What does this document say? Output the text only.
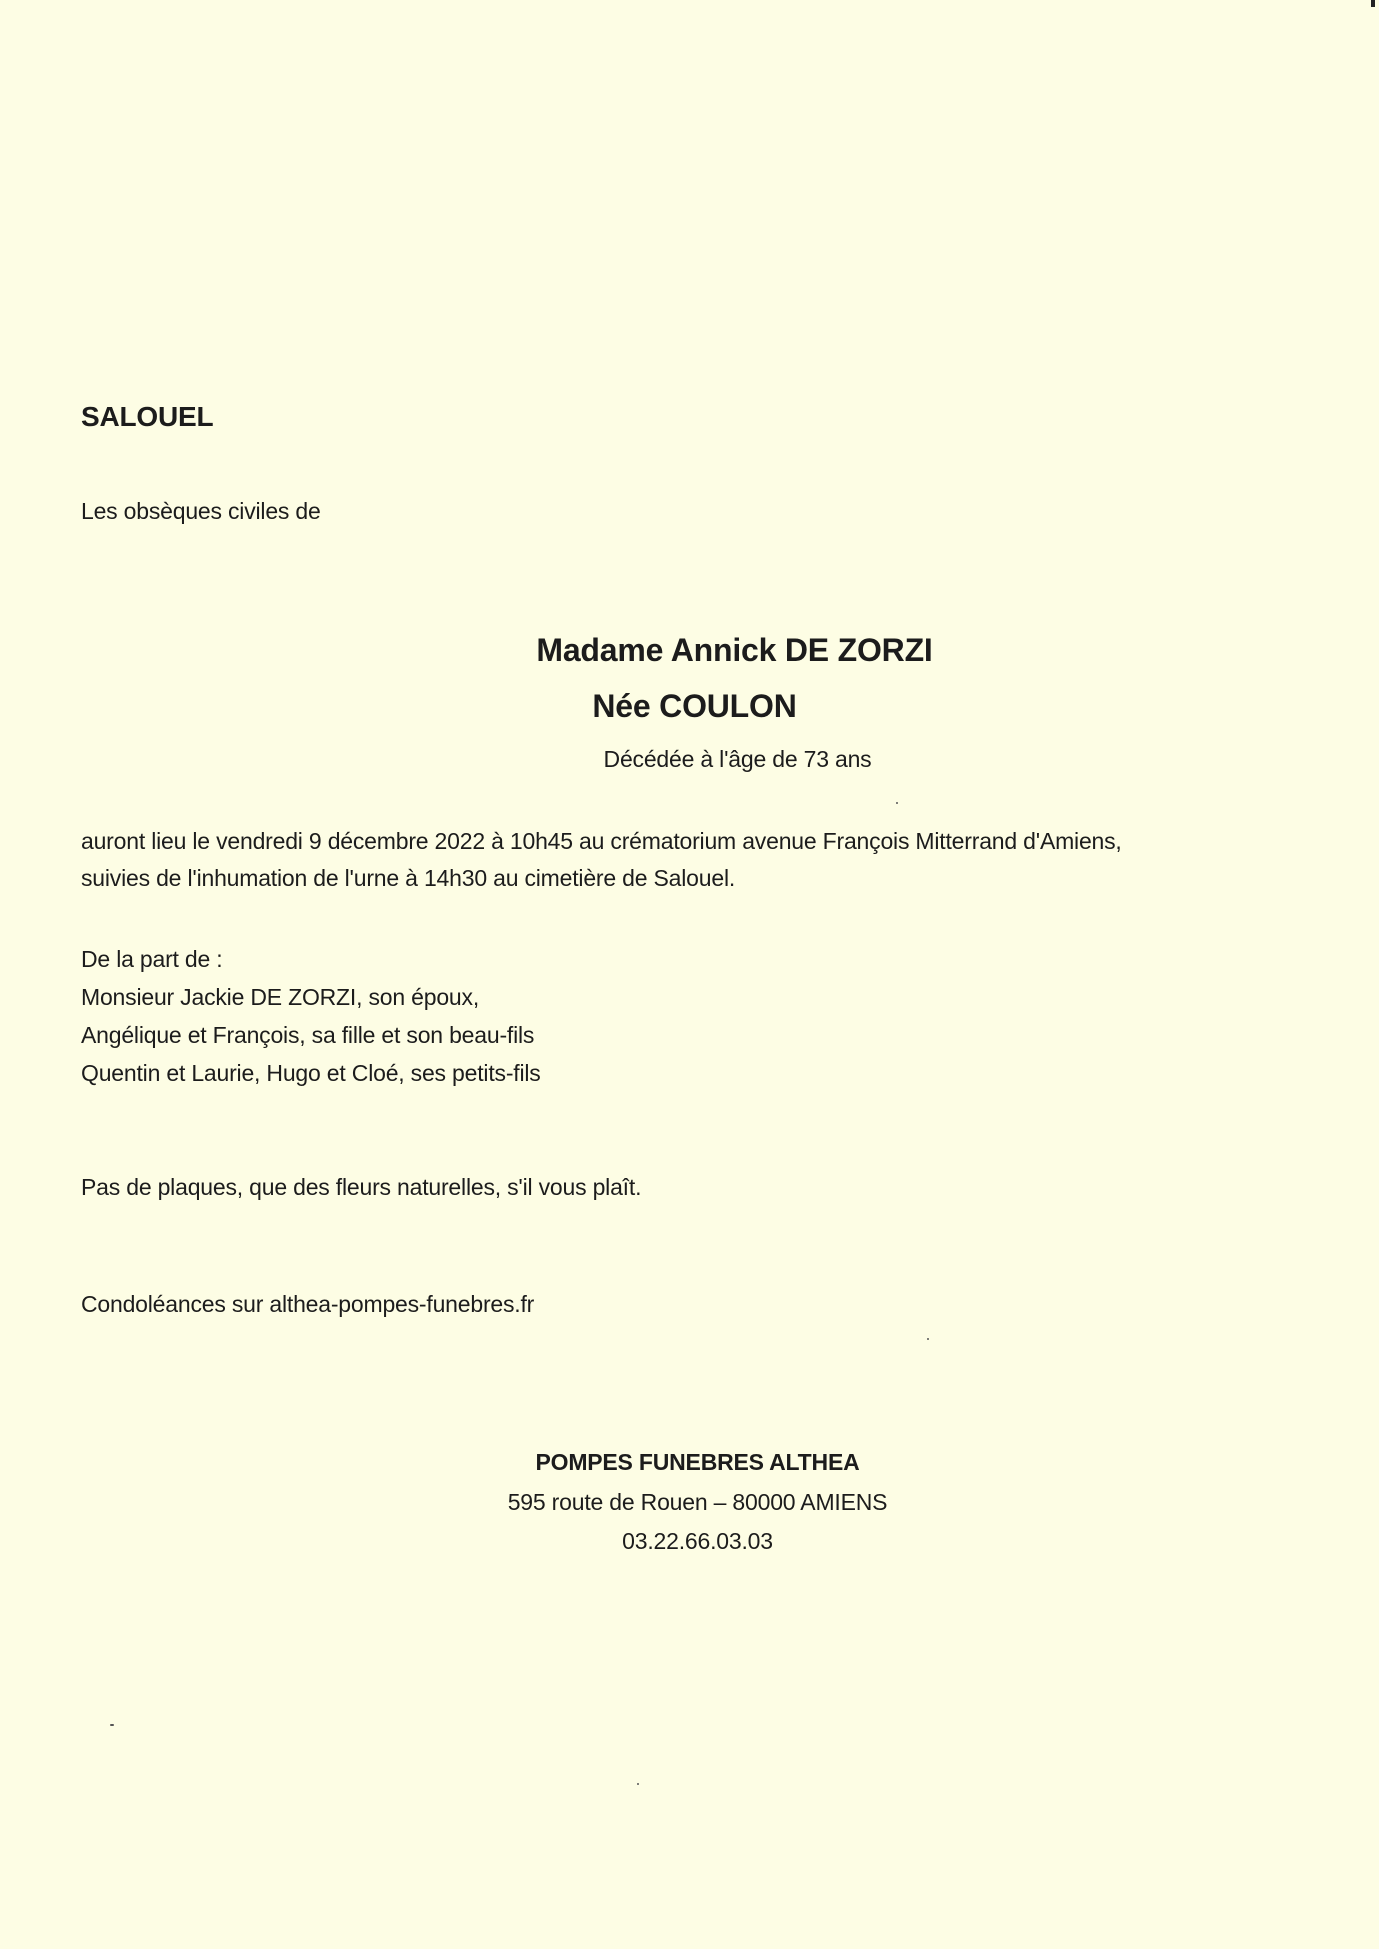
SALOUEL
Les obsèques civiles de
Madame Annick DE ZORZI
Née COULON
Décédée à l'âge de 73 ans
auront lieu le vendredi 9 décembre 2022 à 10h45 au crématorium avenue François Mitterrand d'Amiens,
suivies de l'inhumation de l'urne à 14h30 au cimetière de Salouel.
De la part de :
Monsieur Jackie DE ZORZI, son époux,
Angélique et François, sa fille et son beau-fils
Quentin et Laurie, Hugo et Cloé, ses petits-fils
Pas de plaques, que des fleurs naturelles, s'il vous plaît.
Condoléances sur althea-pompes-funebres.fr
POMPES FUNEBRES ALTHEA
595 route de Rouen – 80000 AMIENS
03.22.66.03.03
